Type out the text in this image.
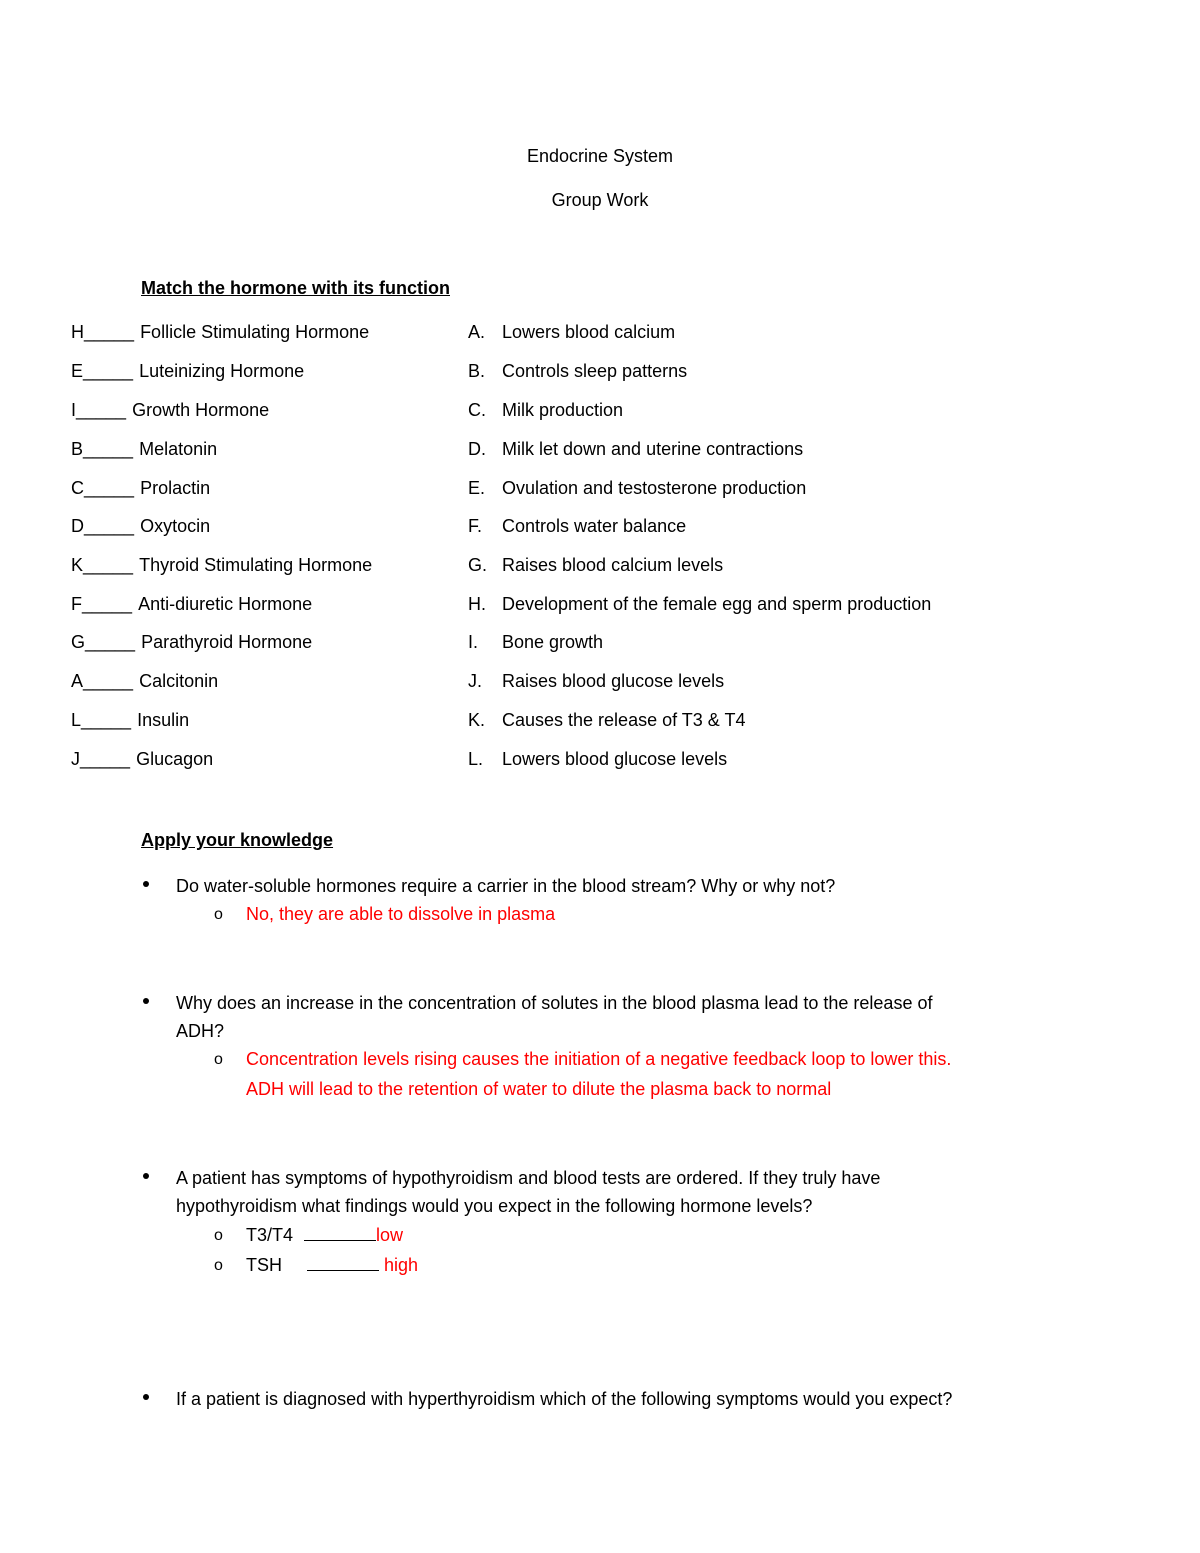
Endocrine System
Group Work
Match the hormone with its function
H_____ Follicle Stimulating Hormone
E_____ Luteinizing Hormone
I_____ Growth Hormone
B_____ Melatonin
C_____ Prolactin
D_____ Oxytocin
K_____ Thyroid Stimulating Hormone
F_____ Anti-diuretic Hormone
G_____ Parathyroid Hormone
A_____ Calcitonin
L_____ Insulin
J_____ Glucagon
A. Lowers blood calcium
B. Controls sleep patterns
C. Milk production
D. Milk let down and uterine contractions
E. Ovulation and testosterone production
F. Controls water balance
G. Raises blood calcium levels
H. Development of the female egg and sperm production
I. Bone growth
J. Raises blood glucose levels
K. Causes the release of T3 & T4
L. Lowers blood glucose levels
Apply your knowledge
Do water-soluble hormones require a carrier in the blood stream? Why or why not?
o No, they are able to dissolve in plasma
Why does an increase in the concentration of solutes in the blood plasma lead to the release of
ADH?
o Concentration levels rising causes the initiation of a negative feedback loop to lower this.
ADH will lead to the retention of water to dilute the plasma back to normal
A patient has symptoms of hypothyroidism and blood tests are ordered. If they truly have
hypothyroidism what findings would you expect in the following hormone levels?
o T3/T4	low
o TSH	high
If a patient is diagnosed with hyperthyroidism which of the following symptoms would you expect?
